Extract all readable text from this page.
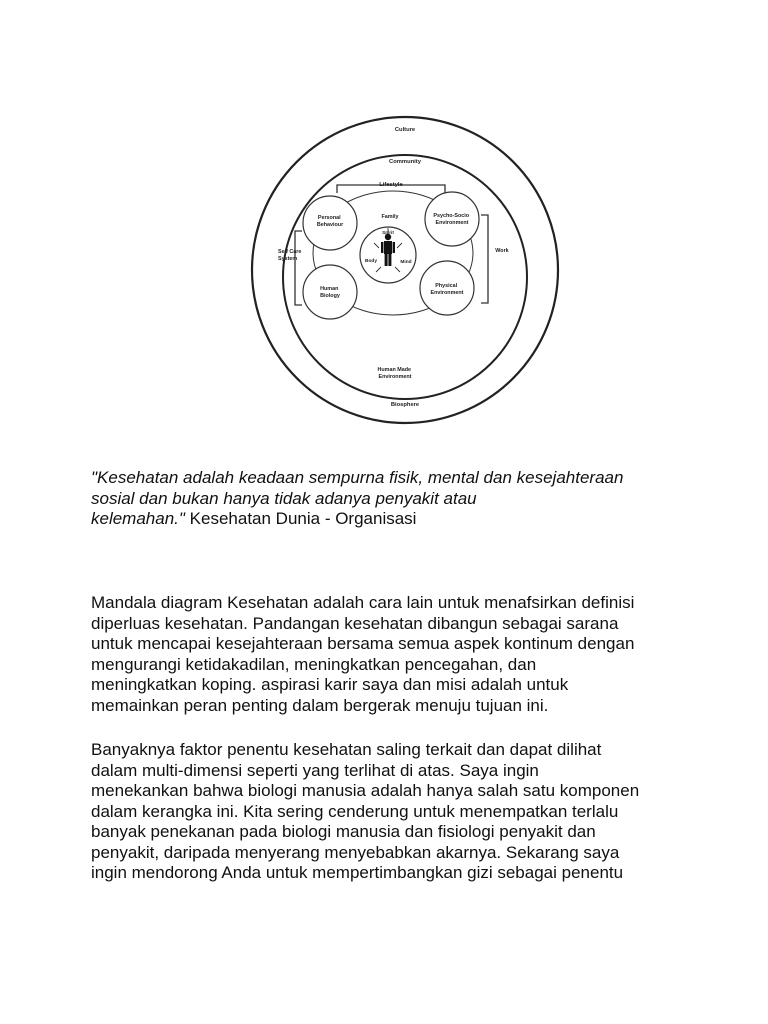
Culture
Community
Lifestyle
Biosphere
Human Made Environment
Personal Behaviour
Psycho-Socio Environment
Human Biology
Physical Environment
Family
Self Care System
Work
Spirit
Body	Mind
"Kesehatan adalah keadaan sempurna fisik, mental dan kesejahteraan
sosial dan bukan hanya tidak adanya penyakit atau
kelemahan." Kesehatan Dunia - Organisasi
Mandala diagram Kesehatan adalah cara lain untuk menafsirkan definisi
diperluas kesehatan. Pandangan kesehatan dibangun sebagai sarana
untuk mencapai kesejahteraan bersama semua aspek kontinum dengan
mengurangi ketidakadilan, meningkatkan pencegahan, dan
meningkatkan koping. aspirasi karir saya dan misi adalah untuk
memainkan peran penting dalam bergerak menuju tujuan ini.
Banyaknya faktor penentu kesehatan saling terkait dan dapat dilihat
dalam multi-dimensi seperti yang terlihat di atas. Saya ingin
menekankan bahwa biologi manusia adalah hanya salah satu komponen
dalam kerangka ini. Kita sering cenderung untuk menempatkan terlalu
banyak penekanan pada biologi manusia dan fisiologi penyakit dan
penyakit, daripada menyerang menyebabkan akarnya. Sekarang saya
ingin mendorong Anda untuk mempertimbangkan gizi sebagai penentu
